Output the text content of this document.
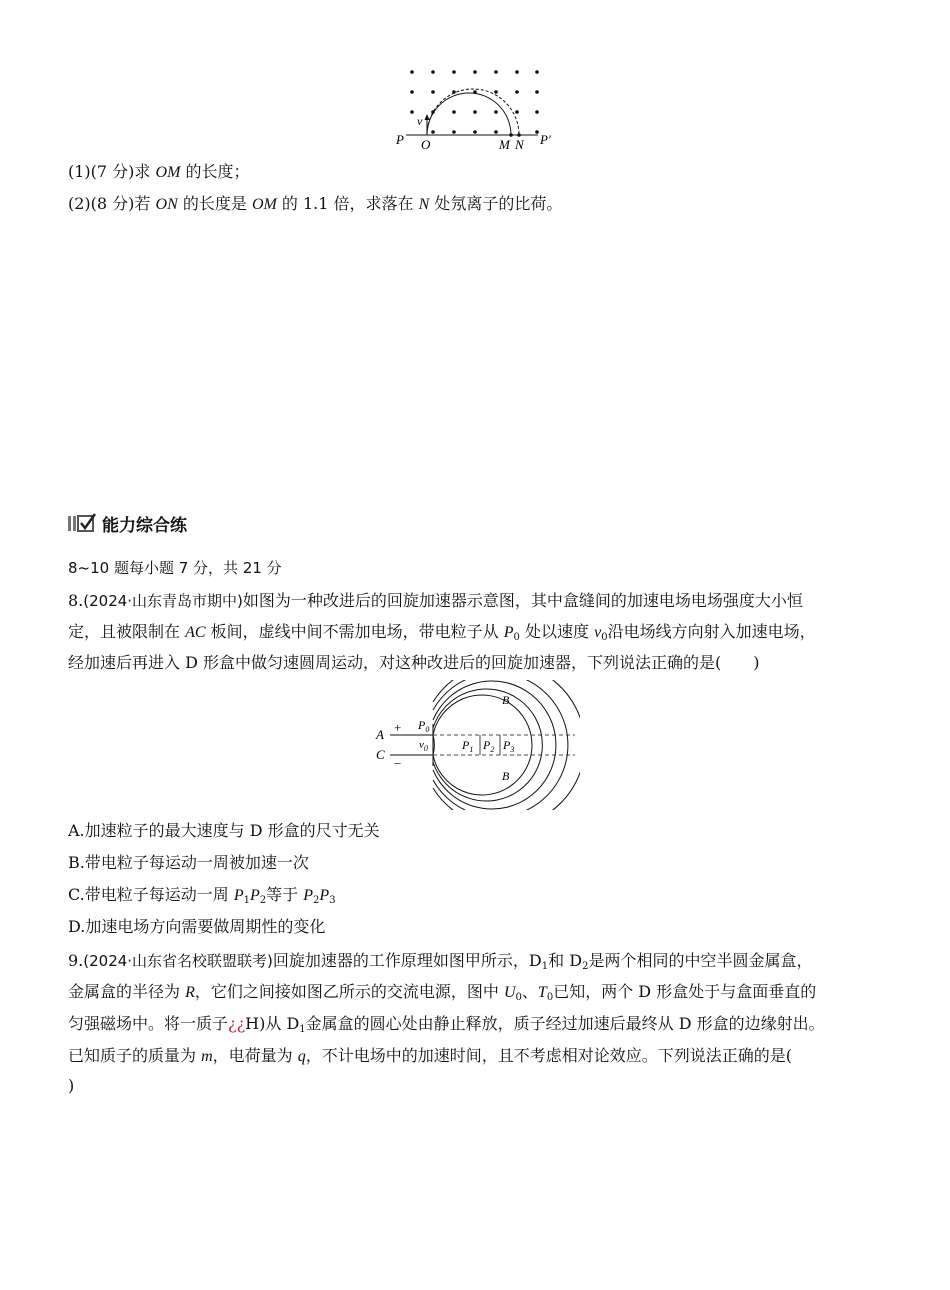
P O
v
M N P′
(1)(7 分)求 OM 的长度；
(2)(8 分)若 ON 的长度是 OM 的 1.1 倍，求落在 N 处氖离子的比荷。
能力综合练
8~10 题每小题 7 分，共 21 分
8.(2024·山东青岛市期中)如图为一种改进后的回旋加速器示意图，其中盒缝间的加速电场电场强度大小恒
定，且被限制在 AC 板间，虚线中间不需加电场，带电粒子从 $P_0$ 处以速度 $v_0$沿电场线方向射入加速电场，
经加速后再进入 D 形盒中做匀速圆周运动，对这种改进后的回旋加速器，下列说法正确的是(　　)
A
C
+
−
$P_0$
$v_0$	$P_1$ $P_2$ $P_3$
B
B
A.加速粒子的最大速度与 D 形盒的尺寸无关
B.带电粒子每运动一周被加速一次
C.带电粒子每运动一周 $P_1P_2$等于 $P_2P_3$
D.加速电场方向需要做周期性的变化
9.(2024·山东省名校联盟联考)回旋加速器的工作原理如图甲所示，$D_1$和 $D_2$是两个相同的中空半圆金属盒，
金属盒的半径为 R，它们之间接如图乙所示的交流电源，图中 $U_0$、$T_0$已知，两个 D 形盒处于与盒面垂直的
匀强磁场中。将一质子¿¿H)从 $D_1$金属盒的圆心处由静止释放，质子经过加速后最终从 D 形盒的边缘射出。
已知质子的质量为 m，电荷量为 q，不计电场中的加速时间，且不考虑相对论效应。下列说法正确的是(
)
